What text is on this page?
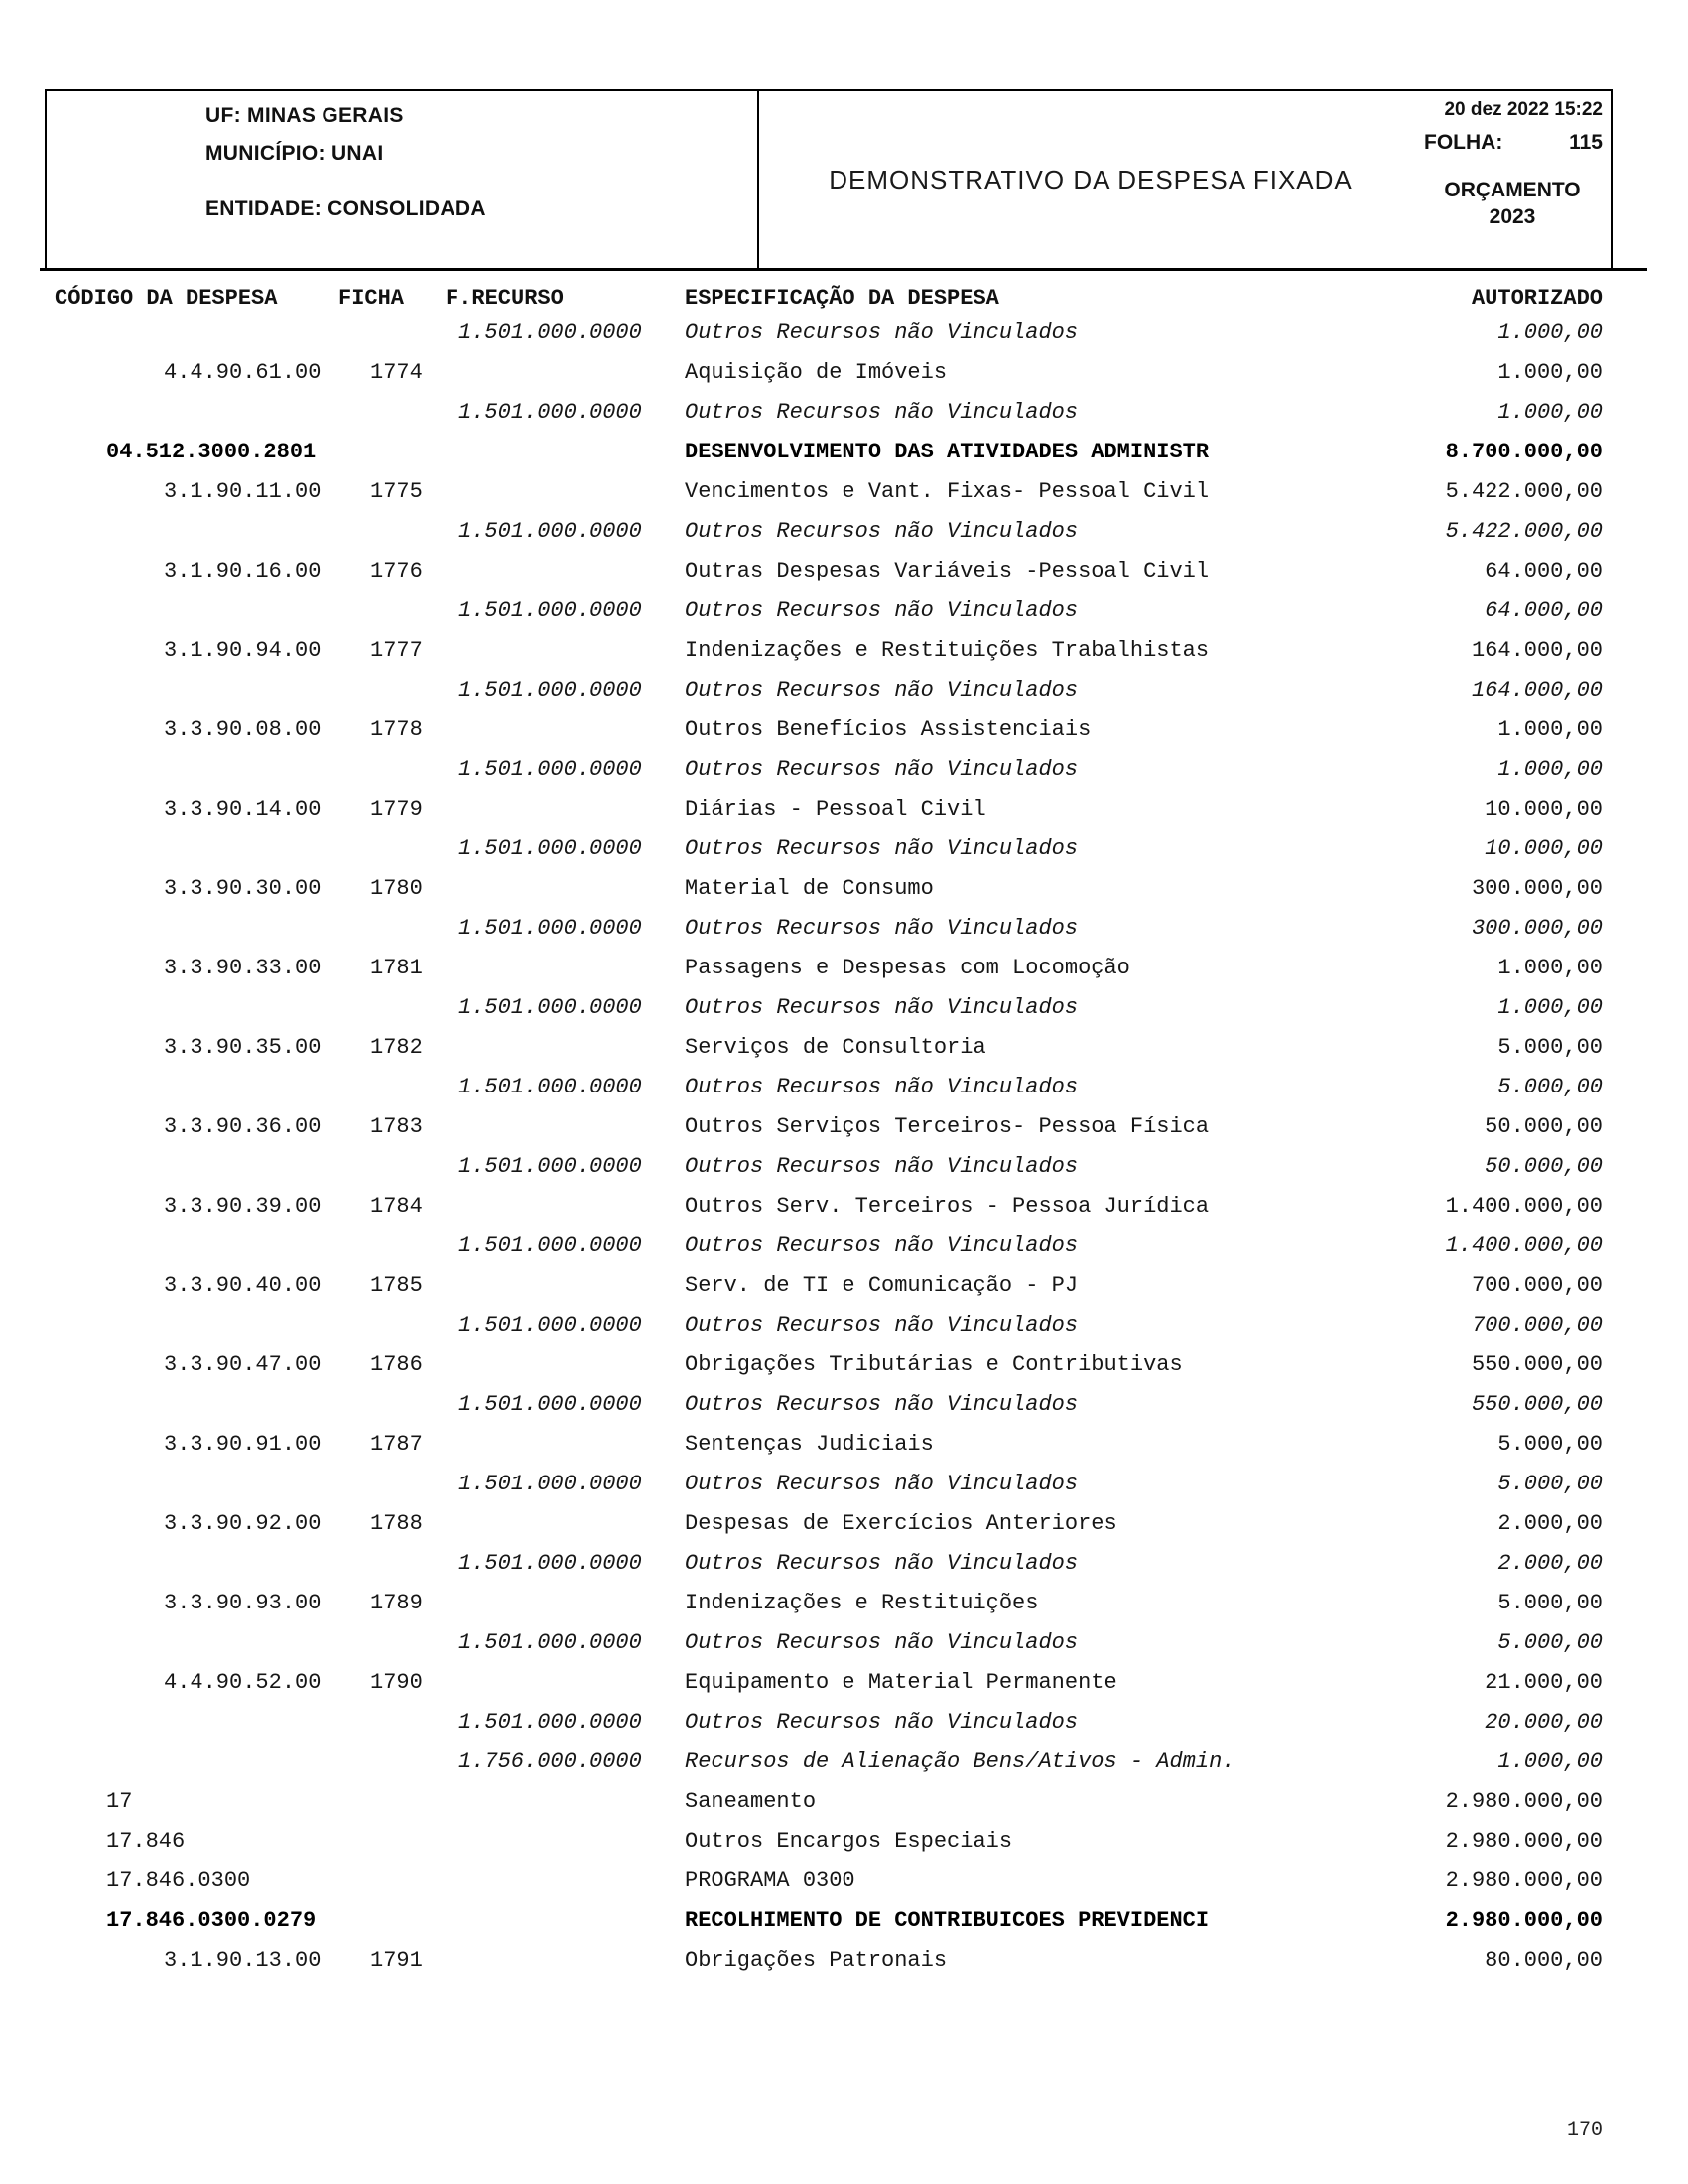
UF: MINAS GERAIS
MUNICÍPIO: UNAI
ENTIDADE: CONSOLIDADA
DEMONSTRATIVO DA DESPESA FIXADA
20 dez 2022 15:22
FOLHA:	115
ORÇAMENTO
2023
CÓDIGO DA DESPESA	FICHA F.RECURSO	ESPECIFICAÇÃO DA DESPESA	AUTORIZADO
1.501.000.0000 Outros Recursos não Vinculados	1.000,00
4.4.90.61.00 1774	Aquisição de Imóveis	1.000,00
1.501.000.0000 Outros Recursos não Vinculados	1.000,00
04.512.3000.2801	DESENVOLVIMENTO DAS ATIVIDADES ADMINISTR	8.700.000,00
3.1.90.11.00 1775	Vencimentos e Vant. Fixas- Pessoal Civil	5.422.000,00
1.501.000.0000 Outros Recursos não Vinculados	5.422.000,00
3.1.90.16.00 1776	Outras Despesas Variáveis -Pessoal Civil	64.000,00
1.501.000.0000 Outros Recursos não Vinculados	64.000,00
3.1.90.94.00 1777	Indenizações e Restituições Trabalhistas	164.000,00
1.501.000.0000 Outros Recursos não Vinculados	164.000,00
3.3.90.08.00 1778	Outros Benefícios Assistenciais	1.000,00
1.501.000.0000 Outros Recursos não Vinculados	1.000,00
3.3.90.14.00 1779	Diárias - Pessoal Civil	10.000,00
1.501.000.0000 Outros Recursos não Vinculados	10.000,00
3.3.90.30.00 1780	Material de Consumo	300.000,00
1.501.000.0000 Outros Recursos não Vinculados	300.000,00
3.3.90.33.00 1781	Passagens e Despesas com Locomoção	1.000,00
1.501.000.0000 Outros Recursos não Vinculados	1.000,00
3.3.90.35.00 1782	Serviços de Consultoria	5.000,00
1.501.000.0000 Outros Recursos não Vinculados	5.000,00
3.3.90.36.00 1783	Outros Serviços Terceiros- Pessoa Física	50.000,00
1.501.000.0000 Outros Recursos não Vinculados	50.000,00
3.3.90.39.00 1784	Outros Serv. Terceiros - Pessoa Jurídica	1.400.000,00
1.501.000.0000 Outros Recursos não Vinculados	1.400.000,00
3.3.90.40.00 1785	Serv. de TI e Comunicação - PJ	700.000,00
1.501.000.0000 Outros Recursos não Vinculados	700.000,00
3.3.90.47.00 1786	Obrigações Tributárias e Contributivas	550.000,00
1.501.000.0000 Outros Recursos não Vinculados	550.000,00
3.3.90.91.00 1787	Sentenças Judiciais	5.000,00
1.501.000.0000 Outros Recursos não Vinculados	5.000,00
3.3.90.92.00 1788	Despesas de Exercícios Anteriores	2.000,00
1.501.000.0000 Outros Recursos não Vinculados	2.000,00
3.3.90.93.00 1789	Indenizações e Restituições	5.000,00
1.501.000.0000 Outros Recursos não Vinculados	5.000,00
4.4.90.52.00 1790	Equipamento e Material Permanente	21.000,00
1.501.000.0000 Outros Recursos não Vinculados	20.000,00
1.756.000.0000 Recursos de Alienação Bens/Ativos - Admin.	1.000,00
17	Saneamento	2.980.000,00
17.846	Outros Encargos Especiais	2.980.000,00
17.846.0300	PROGRAMA 0300	2.980.000,00
17.846.0300.0279	RECOLHIMENTO DE CONTRIBUICOES PREVIDENCI	2.980.000,00
3.1.90.13.00 1791	Obrigações Patronais	80.000,00
170
